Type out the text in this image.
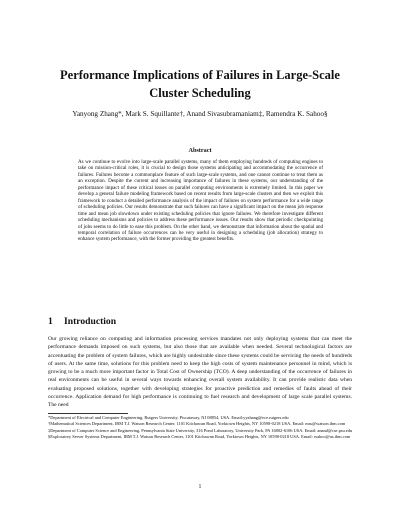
Performance Implications of Failures in Large-Scale Cluster Scheduling
Yanyong Zhang*, Mark S. Squillante†, Anand Sivasubramaniam‡, Ramendra K. Sahoo§
Abstract
As we continue to evolve into large-scale parallel systems, many of them employing hundreds of computing engines to take on mission-critical roles, it is crucial to design those systems anticipating and accommodating the occurrence of failures. Failures become a commonplace feature of such large-scale systems, and one cannot continue to treat them as an exception. Despite the current and increasing importance of failures in these systems, our understanding of the performance impact of these critical issues on parallel computing environments is extremely limited. In this paper we develop a general failure modeling framework based on recent results from large-scale clusters and then we exploit this framework to conduct a detailed performance analysis of the impact of failures on system performance for a wide range of scheduling policies. Our results demonstrate that such failures can have a significant impact on the mean job response time and mean job slowdown under existing scheduling policies that ignore failures. We therefore investigate different scheduling mechanisms and policies to address these performance issues. Our results show that periodic checkpointing of jobs seems to do little to ease this problem. On the other hand, we demonstrate that information about the spatial and temporal correlation of failure occurrences can be very useful in designing a scheduling (job allocation) strategy to enhance system performance, with the former providing the greatest benefits.
1 Introduction

Our growing reliance on computing and information processing services mandates not only deploying systems that can meet the performance demands imposed on such systems, but also those that are available when needed. Several technological factors are accentuating the problem of system failures, which are highly undesirable since these systems could be servicing the needs of hundreds of users. At the same time, solutions for this problem need to keep the high costs of system maintenance personnel in mind, which is growing to be a much more important factor in Total Cost of Ownership (TCO). A deep understanding of the occurrence of failures in real environments can be useful in several ways towards enhancing overall system availability. It can provide realistic data when evaluating proposed solutions, together with developing strategies for proactive prediction and remedies of faults ahead of their occurrence. Application demand for high performance is continuing to fuel research and development of large scale parallel systems. The need

*Department of Electrical and Computer Engineering, Rutgers University, Piscataway, NJ 08854, USA. Email:yyzhang@ece.rutgers.edu

†Mathematical Sciences Department, IBM T.J. Watson Research Center, 1101 Kitchawan Road, Yorktown Heights, NY 10598-0218 USA. Email: mss@watson.ibm.com

‡Department of Computer Science and Engineering, Pennsylvania State University, 316 Pond Laboratory, University Park, PA 16802-6106 USA. Email: anand@cse.psu.edu

§Exploratory Server Systems Department, IBM T.J. Watson Research Center, 1101 Kitchawan Road, Yorktown Heights, NY 10598-0218 USA. Email: rsahoo@us.ibm.com

1
